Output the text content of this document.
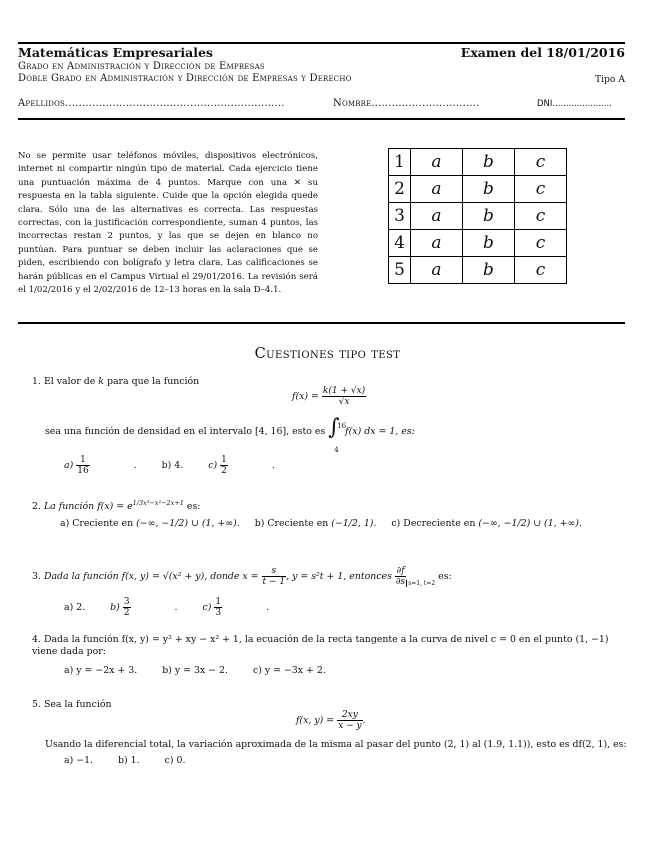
Matemáticas Empresariales	Examen del 18/01/2016
Grado en Administración y Dirección de Empresas
Doble Grado en Administración y Dirección de Empresas y Derecho	Tipo A
Apellidos.................................................................	Nombre................................	DNI......................
No se permite usar teléfonos móviles, dispositivos electrónicos, internet ni compartir ningún tipo de material. Cada ejercicio tiene una puntuación máxima de 4 puntos. Marque con una ✕ su respuesta en la tabla siguiente. Cuide que la opción elegida quede clara. Sólo una de las alternativas es correcta. Las respuestas correctas, con la justificación correspondiente, suman 4 puntos, las incorrectas restan 2 puntos, y las que se dejen en blanco no puntúan. Para puntuar se deben incluir las aclaraciones que se piden, escribiendo con bolígrafo y letra clara. Las calificaciones se harán públicas en el Campus Virtual el 29/01/2016. La revisión será el 1/02/2016 y el 2/02/2016 de 12–13 horas en la sala D–4.1.
1	a	b	c
2	a	b	c
3	a	b	c
4	a	b	c
5	a	b	c
Cuestiones tipo test
1. El valor de k para que la función
$f(x) = \frac{k(1 + √x)}{√x}$
sea una función de densidad en el intervalo [4, 16], esto es ∫
16
4
f(x) dx = 1, es:
$a) \frac{1}{16}$ .	b) 4.	$c) \frac{1}{2}$ .
2. La función $f(x) = e^{1/3x^3-x^2-2x+1}$ es:
a) Creciente en (−∞, −1/2) ∪ (1, +∞). b) Creciente en (−1/2, 1). c) Decreciente en (−∞, −1/2) ∪ (1, +∞).
3. Dada la función f(x, y) = √(x² + y), donde $x = \frac{s}{t - 1}$ , y = s²t + 1, entonces $\frac{\partial f}{\partial s} _{s=1, t=2}$ es:
a) 2.	$b) \frac{3}{2}$ .	$c) \frac{1}{3}$ .
4. Dada la función f(x, y) = y² + xy − x² + 1, la ecuación de la recta tangente a la curva de nivel c = 0 en el punto (1, −1) viene dada por:
a) y = −2x + 3.	b) y = 3x − 2.	c) y = −3x + 2.
5. Sea la función
f(x, $y) = \frac{2xy}{x - y}$ .
Usando la diferencial total, la variación aproximada de la misma al pasar del punto (2, 1) al (1.9, 1.1)), esto es df(2, 1), es:
a) −1.	b) 1.	c) 0.
